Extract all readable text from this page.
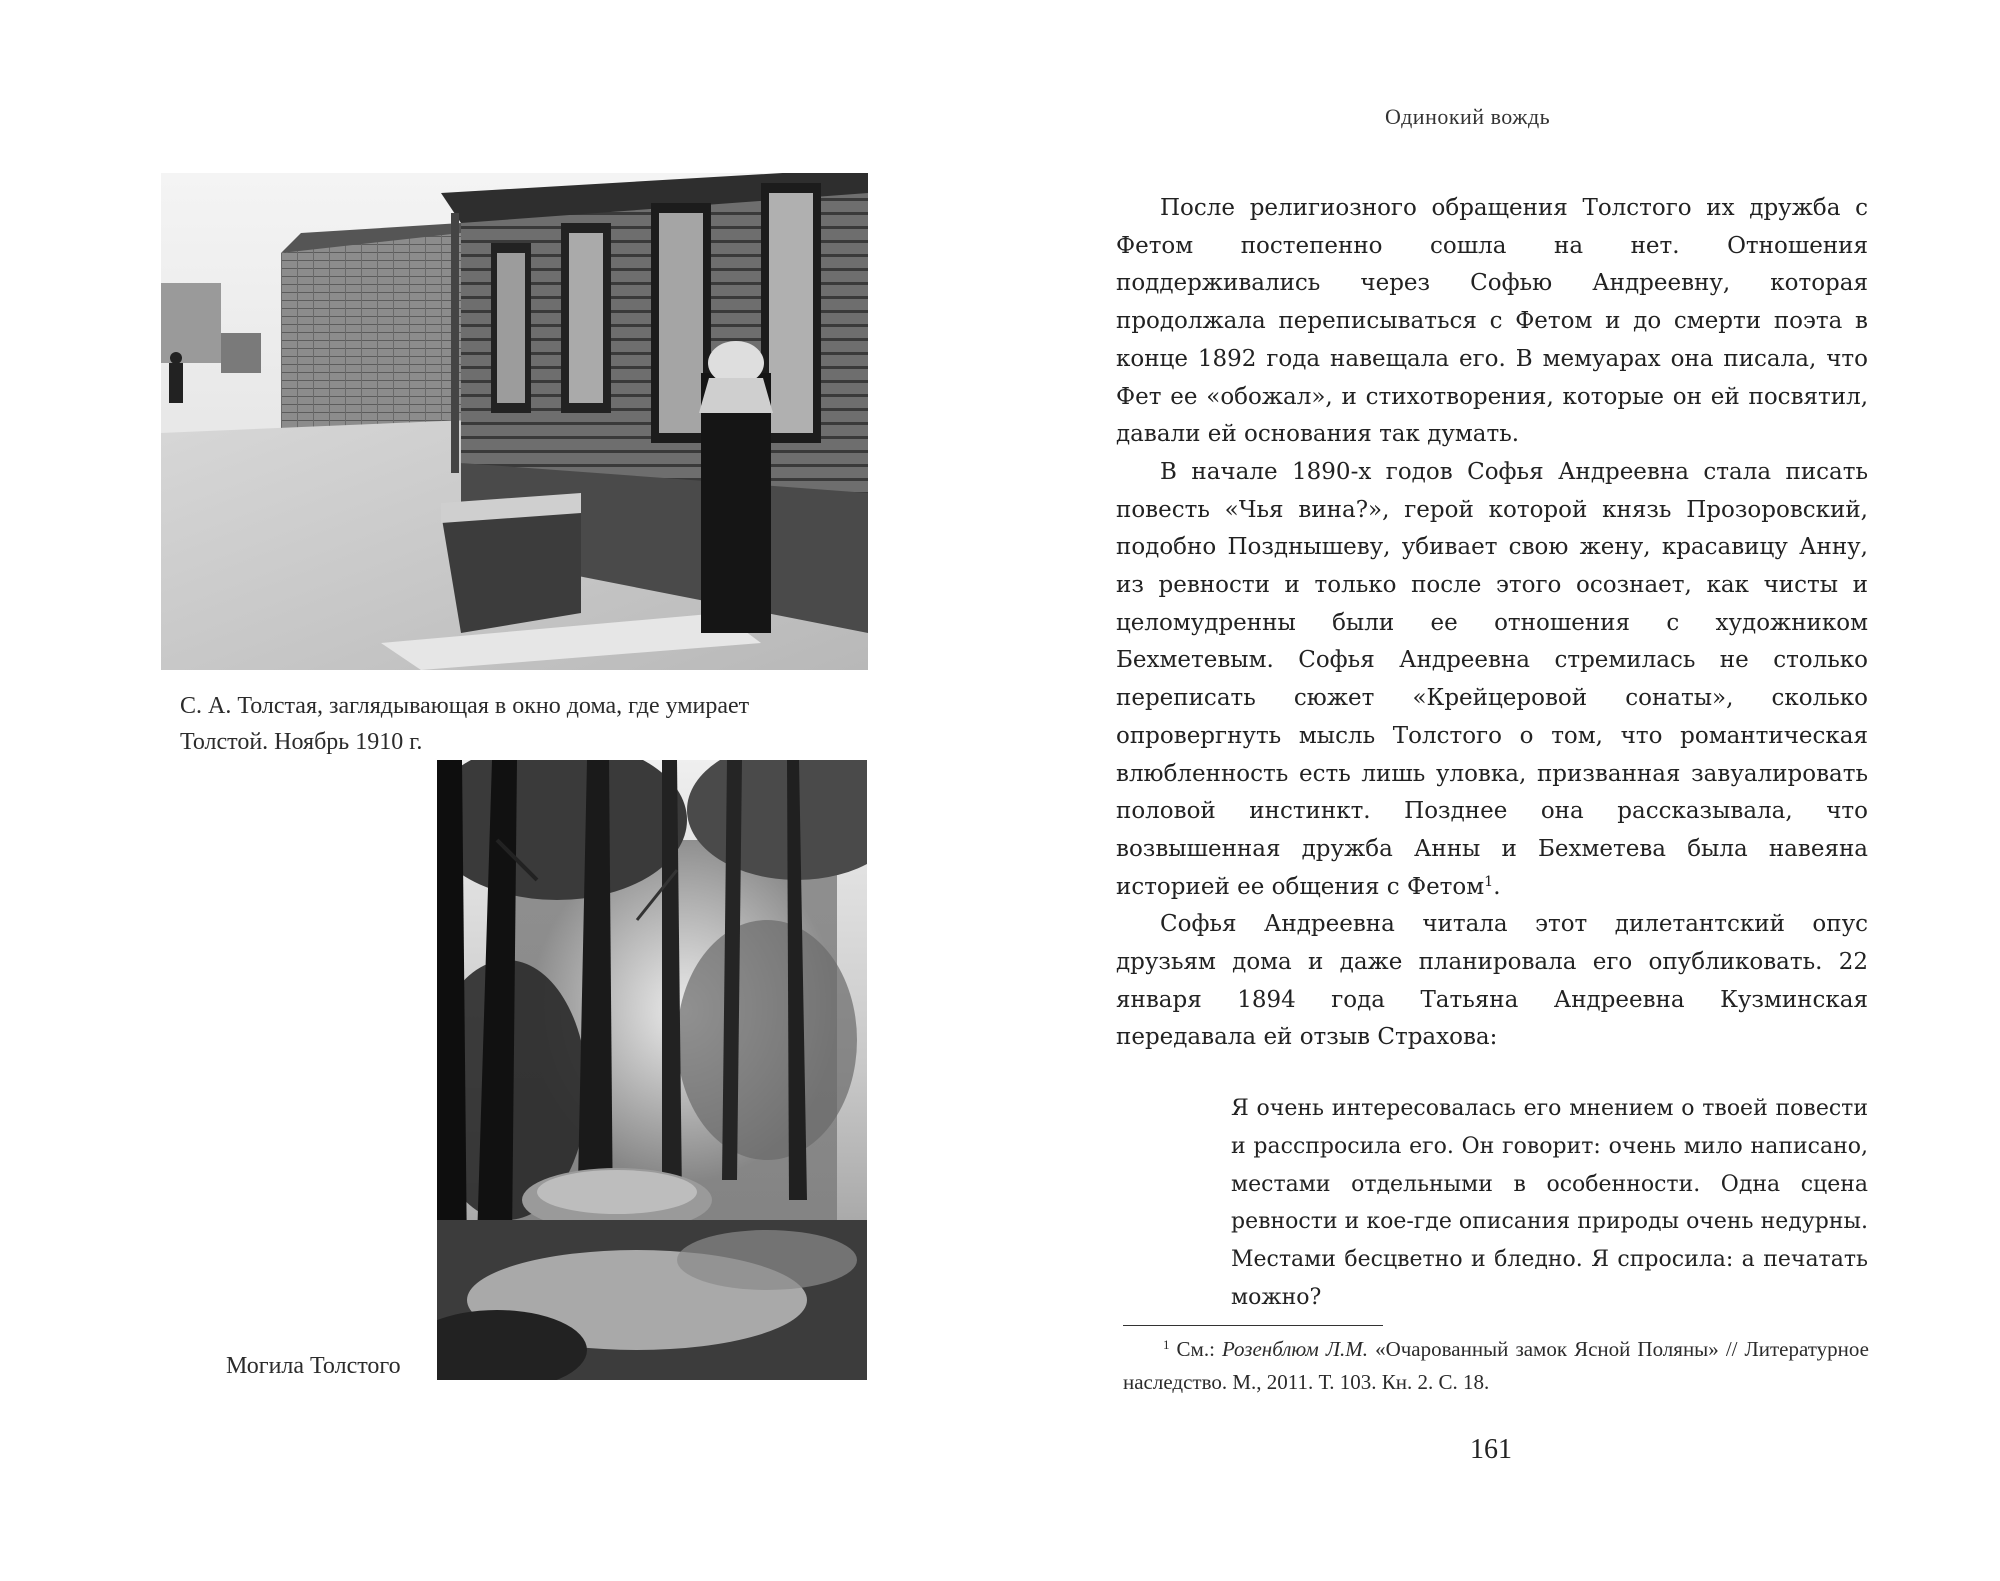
С. А. Толстая, заглядывающая в окно дома, где умирает Толстой. Ноябрь 1910 г.
Могила Толстого
Одинокий вождь

После религиозного обращения Толстого их дружба с Фетом постепенно сошла на нет. Отношения поддерживались через Софью Андреевну, которая продолжала переписываться с Фетом и до смерти поэта в конце 1892 года навещала его. В мемуарах она писала, что Фет ее «обожал», и стихотворения, которые он ей посвятил, давали ей основания так думать.

В начале 1890-х годов Софья Андреевна стала писать повесть «Чья вина?», герой которой князь Прозоровский, подобно Позднышеву, убивает свою жену, красавицу Анну, из ревности и только после этого осознает, как чисты и целомудренны были ее отношения с художником Бехметевым. Софья Андреевна стремилась не столько переписать сюжет «Крейцеровой сонаты», сколько опровергнуть мысль Толстого о том, что романтическая влюбленность есть лишь уловка, призванная завуалировать половой инстинкт. Позднее она рассказывала, что возвышенная дружба Анны и Бехметева была навеяна историей ее общения с Фетом$^1$.

Софья Андреевна читала этот дилетантский опус друзьям дома и даже планировала его опубликовать. 22 января 1894 года Татьяна Андреевна Кузминская передавала ей отзыв Страхова:

Я очень интересовалась его мнением о твоей повести и расспросила его. Он говорит: очень мило написано, местами отдельными в особенности. Одна сцена ревности и кое-где описания природы очень недурны. Местами бесцветно и бледно. Я спросила: а печатать можно?
$^1$ См.: Розенблюм Л.М. «Очарованный замок Ясной Поляны» // Литературное наследство. М., 2011. Т. 103. Кн. 2. С. 18.
161
